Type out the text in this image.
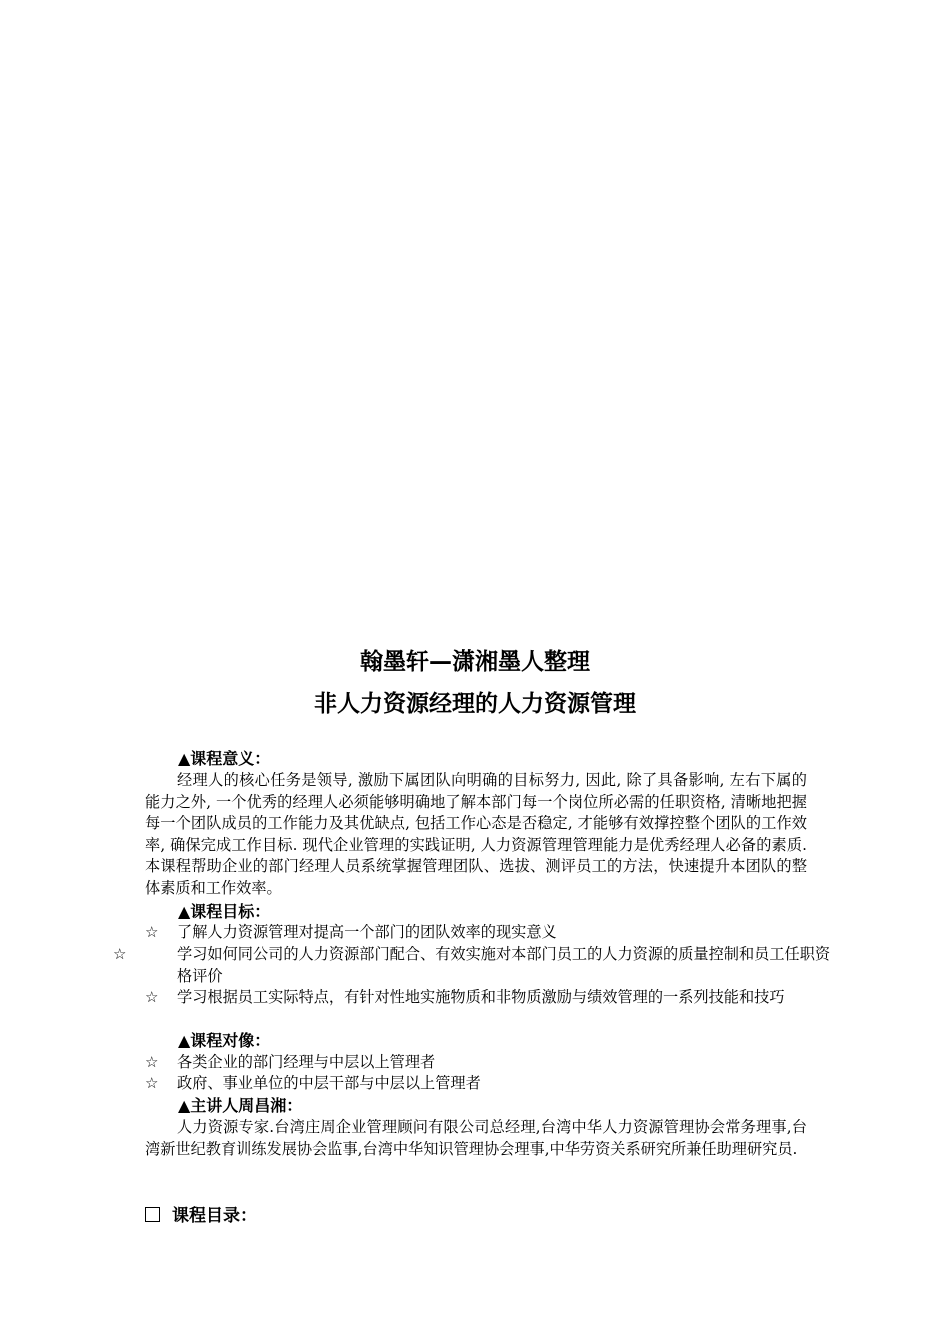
翰墨轩—潇湘墨人整理
非人力资源经理的人力资源管理
▲课程意义：
经理人的核心任务是领导, 激励下属团队向明确的目标努力, 因此, 除了具备影响, 左右下属的能力之外, 一个优秀的经理人必须能够明确地了解本部门每一个岗位所必需的任职资格, 清晰地把握每一个团队成员的工作能力及其优缺点, 包括工作心态是否稳定, 才能够有效撑控整个团队的工作效率, 确保完成工作目标. 现代企业管理的实践证明, 人力资源管理管理能力是优秀经理人必备的素质. 本课程帮助企业的部门经理人员系统掌握管理团队、选拔、测评员工的方法，快速提升本团队的整体素质和工作效率。
▲课程目标：
☆ 了解人力资源管理对提高一个部门的团队效率的现实意义
☆	学习如何同公司的人力资源部门配合、有效实施对本部门员工的人力资源的质量控制和员工任职资格评价
☆ 学习根据员工实际特点，有针对性地实施物质和非物质激励与绩效管理的一系列技能和技巧
▲课程对像：
☆ 各类企业的部门经理与中层以上管理者
☆ 政府、事业单位的中层干部与中层以上管理者
▲主讲人周昌湘：
人力资源专家.台湾庄周企业管理顾问有限公司总经理,台湾中华人力资源管理协会常务理事,台湾新世纪教育训练发展协会监事,台湾中华知识管理协会理事,中华劳资关系研究所兼任助理研究员.
课程目录：
